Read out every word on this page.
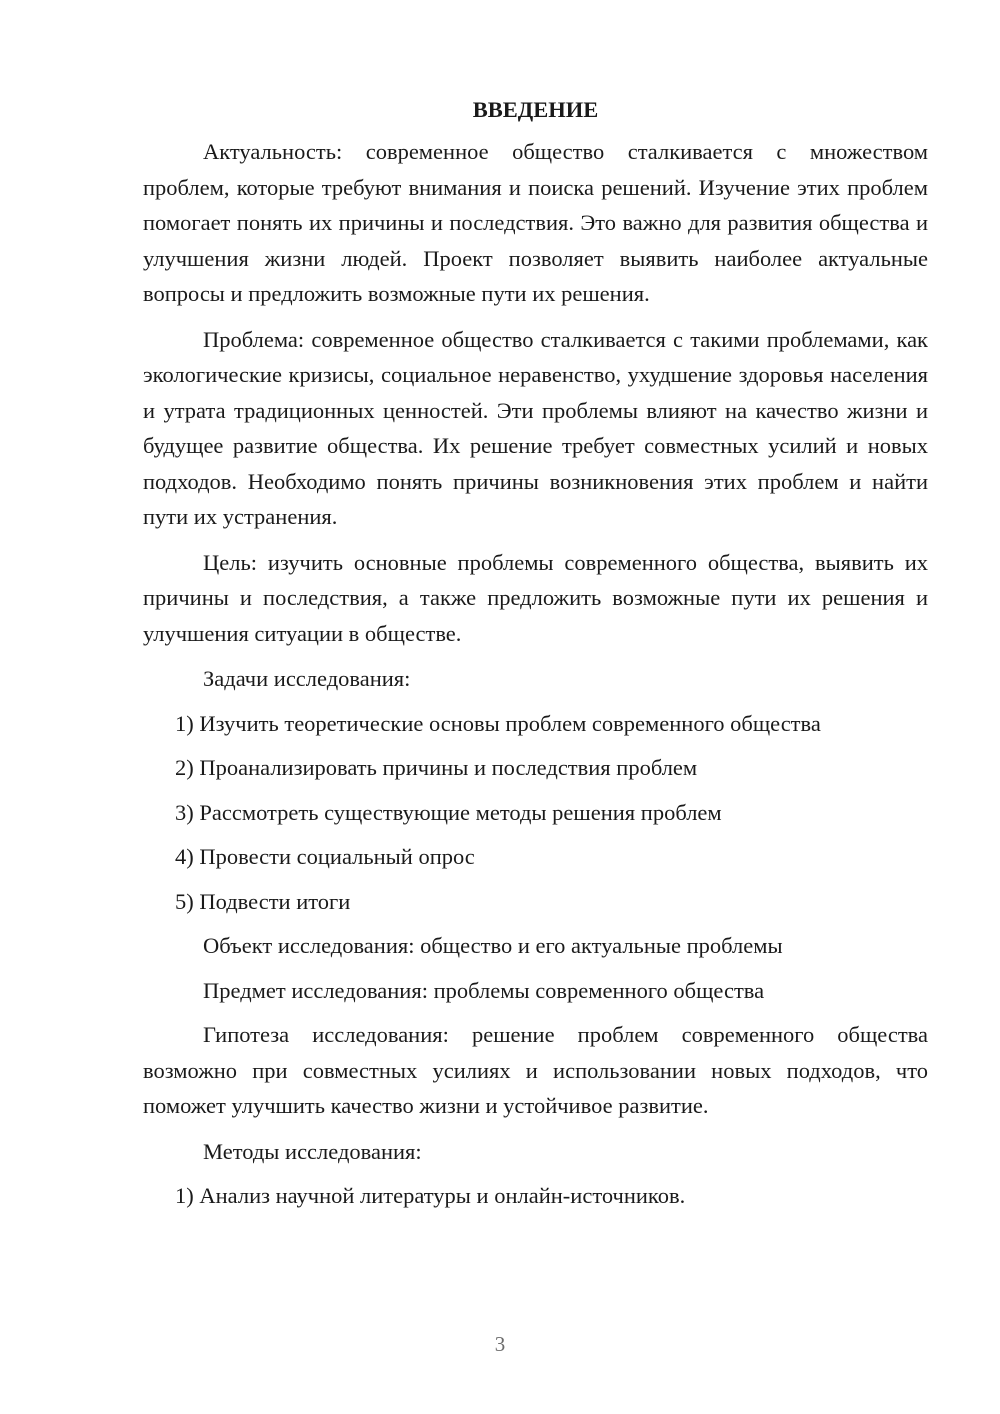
ВВЕДЕНИЕ

Актуальность: современное общество сталкивается с множеством проблем, которые требуют внимания и поиска решений. Изучение этих проблем помогает понять их причины и последствия. Это важно для развития общества и улучшения жизни людей. Проект позволяет выявить наиболее актуальные вопросы и предложить возможные пути их решения.

Проблема: современное общество сталкивается с такими проблемами, как экологические кризисы, социальное неравенство, ухудшение здоровья населения и утрата традиционных ценностей. Эти проблемы влияют на качество жизни и будущее развитие общества. Их решение требует совместных усилий и новых подходов. Необходимо понять причины возникновения этих проблем и найти пути их устранения.

Цель: изучить основные проблемы современного общества, выявить их причины и последствия, а также предложить возможные пути их решения и улучшения ситуации в обществе.

Задачи исследования:

1) Изучить теоретические основы проблем современного общества

2) Проанализировать причины и последствия проблем

3) Рассмотреть существующие методы решения проблем

4) Провести социальный опрос

5) Подвести итоги

Объект исследования: общество и его актуальные проблемы

Предмет исследования: проблемы современного общества

Гипотеза исследования: решение проблем современного общества возможно при совместных усилиях и использовании новых подходов, что поможет улучшить качество жизни и устойчивое развитие.

Методы исследования:

1) Анализ научной литературы и онлайн-источников.

3
